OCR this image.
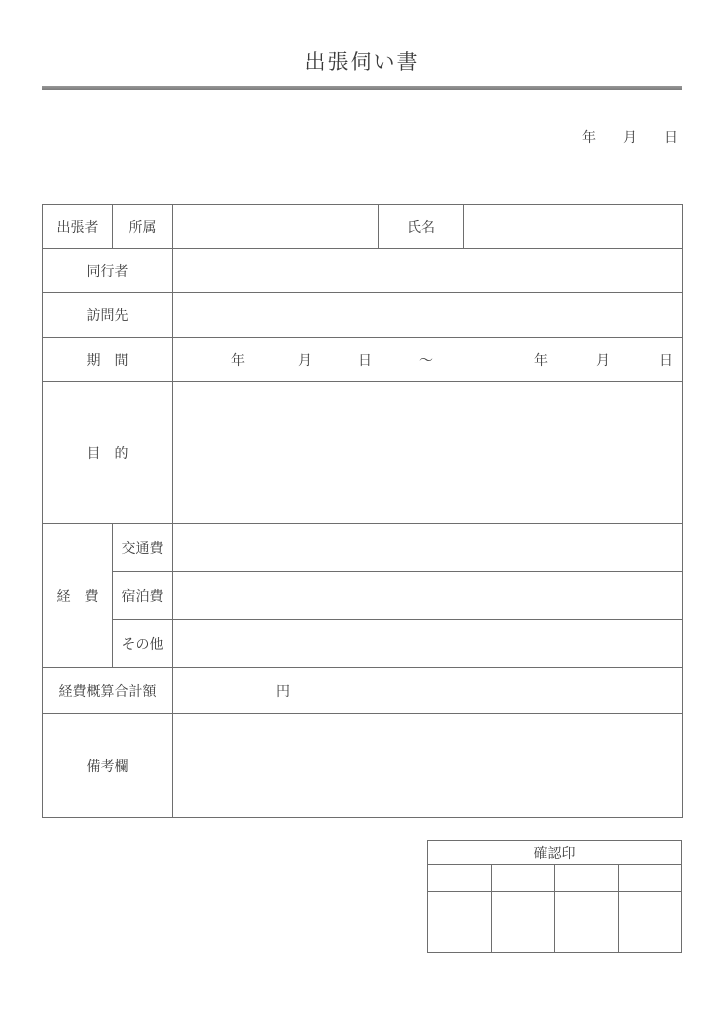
出張伺い書
年 月 日
出張者	所属		氏名	
同行者				
訪問先				
期　間	年	月	日	～	年	月	日

目　的				
経　費	交通費			
	宿泊費			
	その他			
経費概算合計額		円		
備考欄				
確認印			
